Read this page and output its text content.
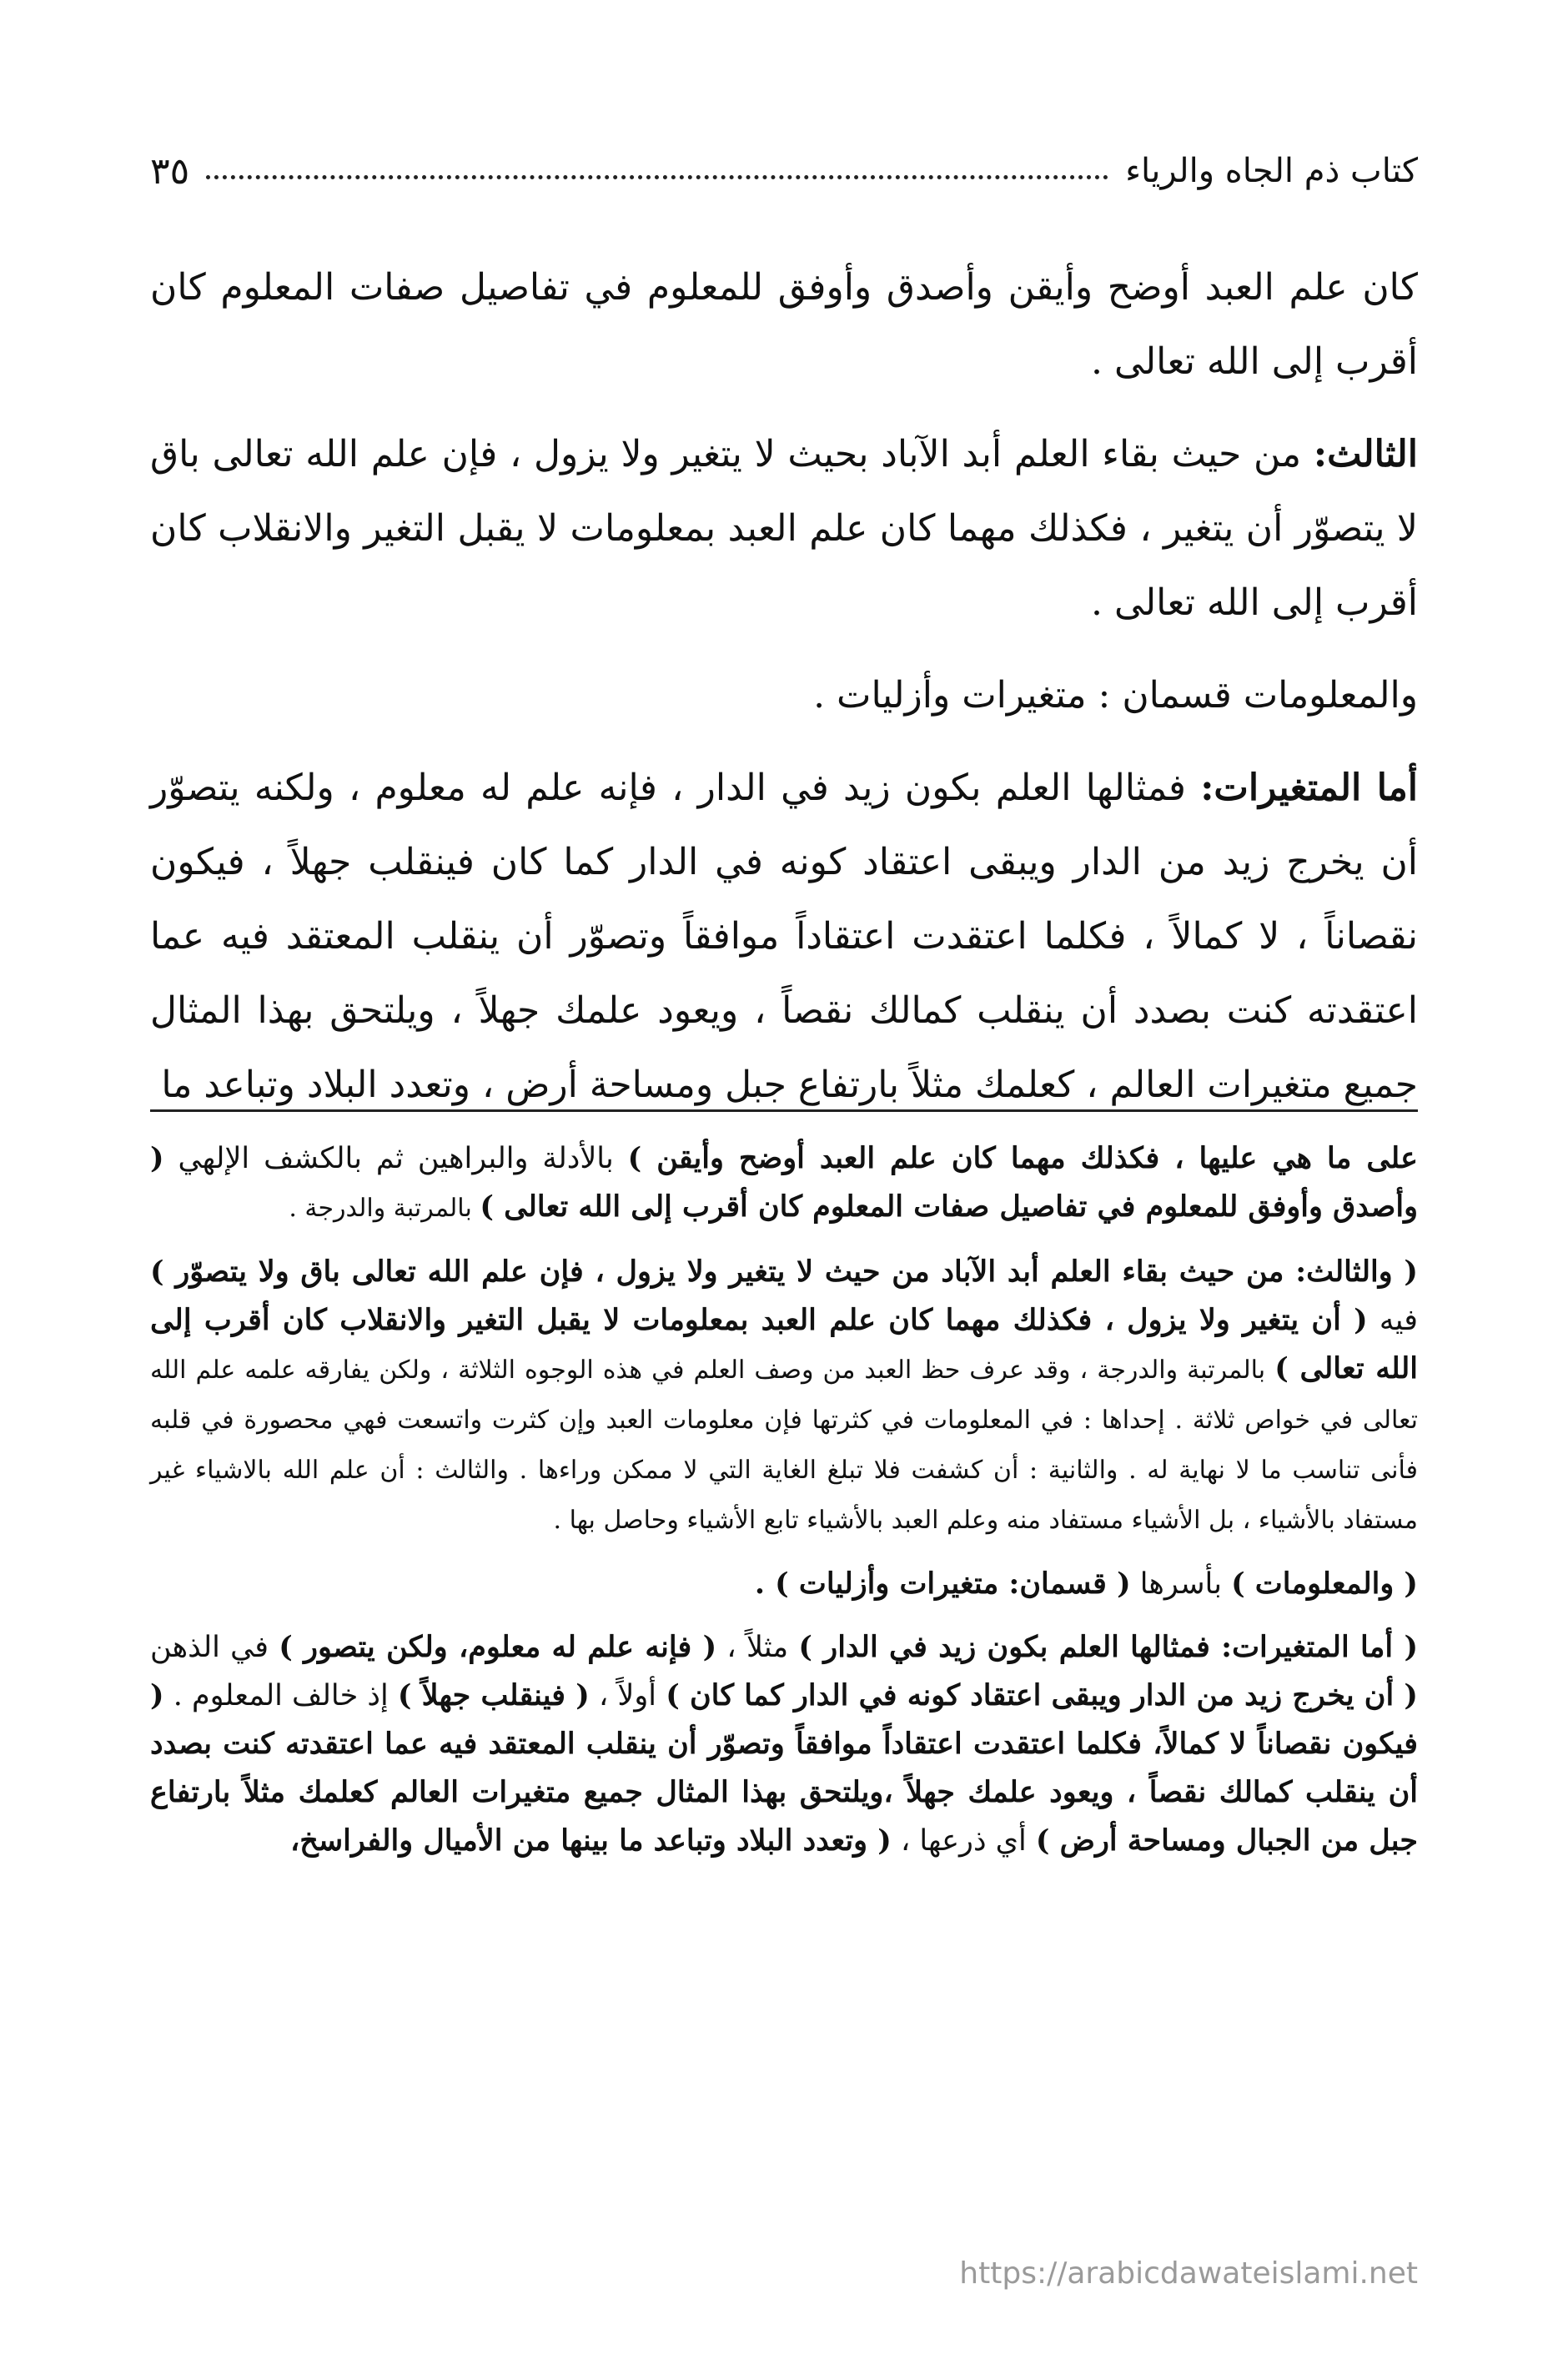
كتاب ذم الجاه والرياء
٣٥

كان علم العبد أوضح وأيقن وأصدق وأوفق للمعلوم في تفاصيل صفات المعلوم كان أقرب إلى الله تعالى .

الثالث: من حيث بقاء العلم أبد الآباد بحيث لا يتغير ولا يزول ، فإن علم الله تعالى باق لا يتصوّر أن يتغير ، فكذلك مهما كان علم العبد بمعلومات لا يقبل التغير والانقلاب كان أقرب إلى الله تعالى .

والمعلومات قسمان : متغيرات وأزليات .

أما المتغيرات: فمثالها العلم بكون زيد في الدار ، فإنه علم له معلوم ، ولكنه يتصوّر أن يخرج زيد من الدار ويبقى اعتقاد كونه في الدار كما كان فينقلب جهلاً ، فيكون نقصاناً ، لا كمالاً ، فكلما اعتقدت اعتقاداً موافقاً وتصوّر أن ينقلب المعتقد فيه عما اعتقدته كنت بصدد أن ينقلب كمالك نقصاً ، ويعود علمك جهلاً ، ويلتحق بهذا المثال جميع متغيرات العالم ، كعلمك مثلاً بارتفاع جبل ومساحة أرض ، وتعدد البلاد وتباعد ما

على ما هي عليها ، فكذلك مهما كان علم العبد أوضح وأيقن ) بالأدلة والبراهين ثم بالكشف الإلهي ( وأصدق وأوفق للمعلوم في تفاصيل صفات المعلوم كان أقرب إلى الله تعالى ) بالمرتبة والدرجة .

( والثالث: من حيث بقاء العلم أبد الآباد من حيث لا يتغير ولا يزول ، فإن علم الله تعالى باق ولا يتصوّر ) فيه ( أن يتغير ولا يزول ، فكذلك مهما كان علم العبد بمعلومات لا يقبل التغير والانقلاب كان أقرب إلى الله تعالى ) بالمرتبة والدرجة ، وقد عرف حظ العبد من وصف العلم في هذه الوجوه الثلاثة ، ولكن يفارقه علمه علم الله تعالى في خواص ثلاثة . إحداها : في المعلومات في كثرتها فإن معلومات العبد وإن كثرت واتسعت فهي محصورة في قلبه فأنى تناسب ما لا نهاية له . والثانية : أن كشفت فلا تبلغ الغاية التي لا ممكن وراءها . والثالث : أن علم الله بالاشياء غير مستفاد بالأشياء ، بل الأشياء مستفاد منه وعلم العبد بالأشياء تابع الأشياء وحاصل بها .

( والمعلومات ) بأسرها ( قسمان: متغيرات وأزليات ) .

( أما المتغيرات: فمثالها العلم بكون زيد في الدار ) مثلاً ، ( فإنه علم له معلوم، ولكن يتصور ) في الذهن ( أن يخرج زيد من الدار ويبقى اعتقاد كونه في الدار كما كان ) أولاً ، ( فينقلب جهلاً ) إذ خالف المعلوم . ( فيكون نقصاناً لا كمالاً، فكلما اعتقدت اعتقاداً موافقاً وتصوّر أن ينقلب المعتقد فيه عما اعتقدته كنت بصدد أن ينقلب كمالك نقصاً ، ويعود علمك جهلاً ،ويلتحق بهذا المثال جميع متغيرات العالم كعلمك مثلاً بارتفاع جبل من الجبال ومساحة أرض ) أي ذرعها ، ( وتعدد البلاد وتباعد ما بينها من الأميال والفراسخ،

https://arabicdawateislami.net
